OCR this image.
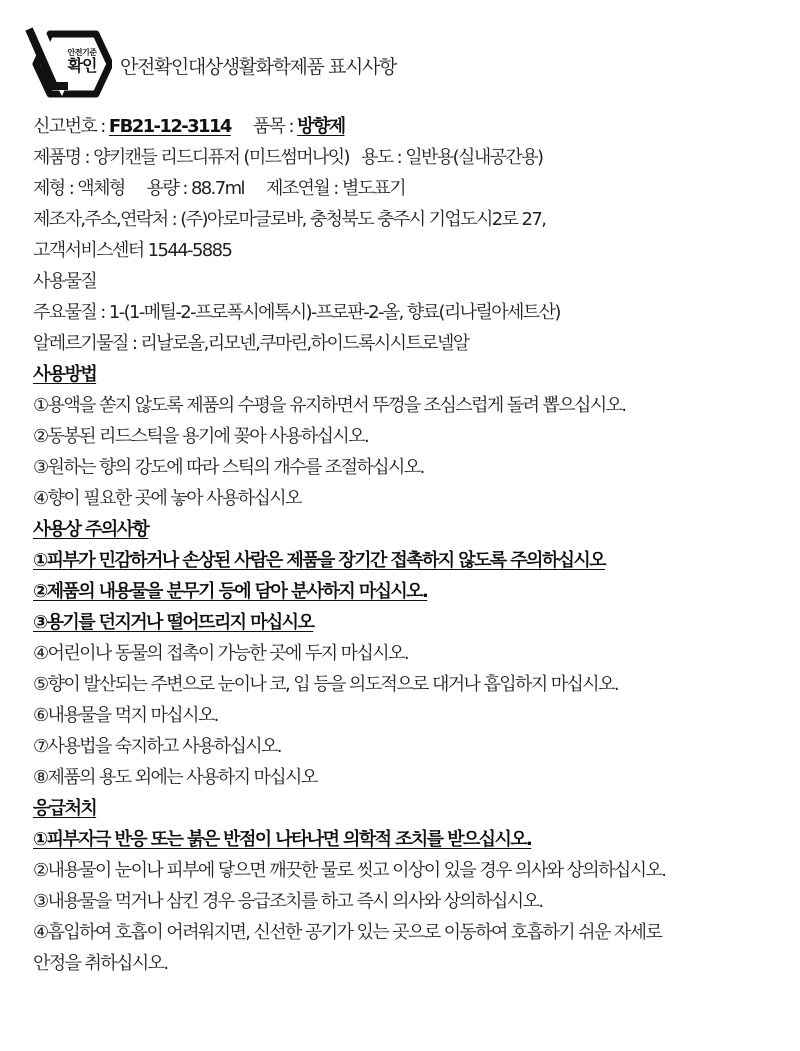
안전기준
확인	안전확인대상생활화학제품 표시사항
신고번호 : FB21-12-3114 품목 : 방향제
제품명 : 양키캔들 리드디퓨저 (미드썸머나잇) 용도 : 일반용(실내공간용)
제형 : 액체형 용량 : 88.7ml 제조연월 : 별도표기
제조자,주소,연락처 : (주)아로마글로바, 충청북도 충주시 기업도시2로 27,
고객서비스센터 1544-5885
사용물질
주요물질 : 1-(1-메틸-2-프로폭시에톡시)-프로판-2-올, 향료(리나릴아세트산)
알레르기물질 : 리날로올,리모넨,쿠마린,하이드록시시트로넬알
사용방법
①용액을 쏟지 않도록 제품의 수평을 유지하면서 뚜껑을 조심스럽게 돌려 뽑으십시오.
②동봉된 리드스틱을 용기에 꽂아 사용하십시오.
③원하는 향의 강도에 따라 스틱의 개수를 조절하십시오.
④향이 필요한 곳에 놓아 사용하십시오
사용상 주의사항
①피부가 민감하거나 손상된 사람은 제품을 장기간 접촉하지 않도록 주의하십시오
②제품의 내용물을 분무기 등에 담아 분사하지 마십시오.
③용기를 던지거나 떨어뜨리지 마십시오
④어린이나 동물의 접촉이 가능한 곳에 두지 마십시오.
⑤향이 발산되는 주변으로 눈이나 코, 입 등을 의도적으로 대거나 흡입하지 마십시오.
⑥내용물을 먹지 마십시오.
⑦사용법을 숙지하고 사용하십시오.
⑧제품의 용도 외에는 사용하지 마십시오
응급처치
①피부자극 반응 또는 붉은 반점이 나타나면 의학적 조치를 받으십시오.
②내용물이 눈이나 피부에 닿으면 깨끗한 물로 씻고 이상이 있을 경우 의사와 상의하십시오.
③내용물을 먹거나 삼킨 경우 응급조치를 하고 즉시 의사와 상의하십시오.
④흡입하여 호흡이 어려워지면, 신선한 공기가 있는 곳으로 이동하여 호흡하기 쉬운 자세로
안정을 취하십시오.
